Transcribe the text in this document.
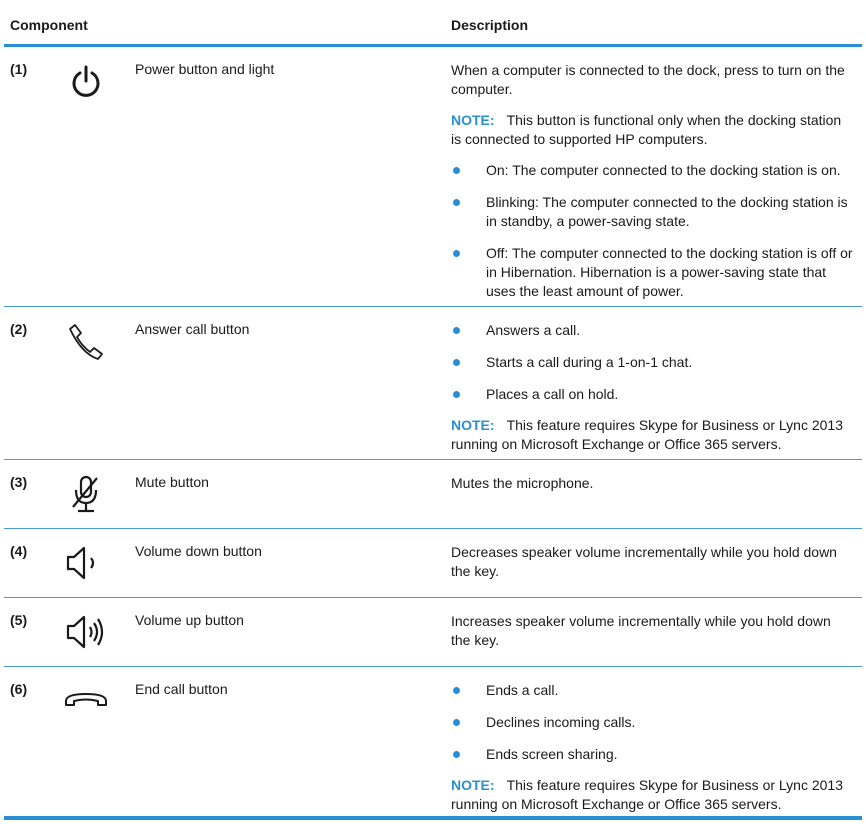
Component	Description
(1)	Power button and light	When a computer is connected to the dock, press to turn on the computer.

NOTE: This button is functional only when the docking station is connected to supported HP computers.

On: The computer connected to the docking station is on.
Blinking: The computer connected to the docking station is in standby, a power-saving state.
Off: The computer connected to the docking station is off or in Hibernation. Hibernation is a power-saving state that uses the least amount of power.
(2)	Answer call button	Answers a call.
Starts a call during a 1-on-1 chat.
Places a call on hold.

NOTE: This feature requires Skype for Business or Lync 2013 running on Microsoft Exchange or Office 365 servers.

(3)	Mute button	Mutes the microphone.

(4)	Volume down button	Decreases speaker volume incrementally while you hold down the key.

(5)	Volume up button	Increases speaker volume incrementally while you hold down the key.

(6)	End call button	Ends a call.
Declines incoming calls.
Ends screen sharing.

NOTE: This feature requires Skype for Business or Lync 2013 running on Microsoft Exchange or Office 365 servers.
